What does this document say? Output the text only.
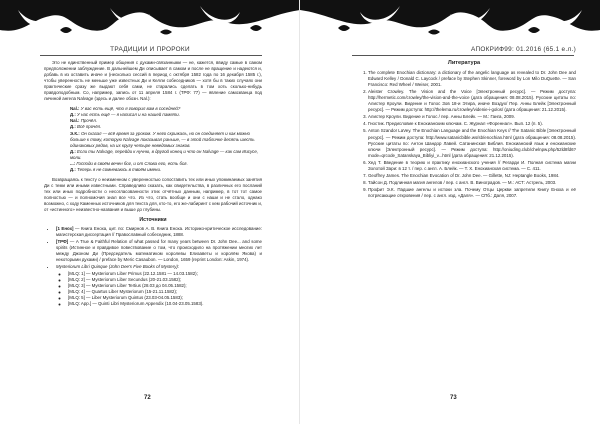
ТРАДИЦИИ И ПРОРОКИ

Это не единственный пример общения с духами-связанными — не, кажется, ввиду самые в самом предположении заблуждение. В дальнейшем Ди описывает в самом и после не вращение и надеются и, добавь в из оставить иначе и (несколько сессий в период с октября 1582 года по 16 декабря 1585 г.), чтобы уверенность не меньше уже известных Ди и Келли собеседников — хотя бы в таких случаях они практические сразу же выдают себя сами, не старались сделать в том хоть сколько-нибудь правдоподобным. Со, например, запись от 11 апреля 1584 г. (ТРФ: 77) — явление самозванца под личиной ангела Nalvage (здесь и далее обозн. Nal.):

Nal.: У вас есть ещё, что я говорил вам в соседней?
Д.: У нас есть ещё — я написал и на нашей памяти.
Nal.: Прочёл.
Д.: Всё прочёл.
Э.К.: Он сказал — всё время за уроком. У него скрижаль, но он соединяет и как можно больше к тому, которую Nalvage показывал раньше, — в этой табличке десять шесть одинаковых рядов, на их кругу четыре неведомых знаков.
Д.: Если ты Nalvage, перейди к нучню, в другой конец и что он Nalvage — как сам Иисусе, моли.
...: Господи в своём вечен бог, и от Слова его, есть бог.
Д.: Теперь я не сомневаюсь в твоём имени.

Возвращаясь к тексту о неизменном с уверенностью сопоставить тех или иных упоминаемых занятия Ди с теми или иными известными. Справедливо сказать, как свидетельства, в различных его посланий тех или иных подробности о несогласованности этих отчётных данным, например, в тот тот самое полностью — и полномочия знал все что. Из что, стать вообще и они с наши и не стало, однако возможно, с ходу Каменных источников для текста для, кто-то, его же-лабиринт с кем рабочий источник и, от «истинного» неизвестно-названия и выше до глубины.

Источники
• [1 Енох] — Книга Еноха, цит. по: Смирнов А. В. Книга Еноха. Историко-критическое исследование: магистерская диссертация // Православный собеседник, 1888.
• [ТРФ] — A True & Faithful Relation of what passed for many years between Dr. John Dee... and some spirits (Истинное и правдивое повествование о том, что происходило на протяжении многих лет между Джоном Ди (Председатель математиком королевы Елизаветы и королём Якова) и некоторыми духами) / preface by Meric Casaubon. — London, 1659 (reprint London: Askin, 1974).
• Mysteriorum Libri Quinque (John Dee's Five Books of Mystery):
◦ [MLQ: 1] — Mysteriorum Liber Primus (22.12.1581 — 14.03.1582);
◦ [MLQ: 2] — Mysteriorum Liber Secundus (20-21.03.1582);
◦ [MLQ: 3] — Mysteriorum Liber Tertius (28.03 до 04.05.1582);
◦ [MLQ: 4] — Quartus Liber Mysteriorum (15-21.11.1582);
◦ [MLQ: 5] — Liber Mysteriorum Quintus (23.03-04.05.1583);
◦ [MLQ: App.] — Quinti Libri Mysteriorum Appendix (10.04-23.05.1583).
72
АПОКРИФ99: 01.2016 (65.1 е.л.)
Литература
1. The complete Enochian dictionary: a dictionary of the angelic language as revealed to Dr. John Dee and Edward Kelley / Donald C. Laycock / preface by Stephen Skinner, foreword by Lon Milo DuQuette. — San Francisco: Red Wheel / Weiser, 2001.
2. Aleister Crowley. The Vision and the Voice [Электронный ресурс]. — Режим доступа: http://hermetic.com/crowley/the-vision-and-the-voice (дата обращения: 08.08.2015). Русские цитаты по: Алистер Кроули. Видение и Голос Зов 18-и Этира, иначе Воздух/ Пер. Анны Блейк [Электронный ресурс]. — Режим доступа: http://thelema.ru/crowley/videnie-i-golos/ (дата обращения: 21.12.2015).
3. Алистер Кроули. Видение и Голос / пер. Анны Блейк. — М.: Ганга, 2009.
4. Гностик. Предисловие к Енохианским ключам. С. Журнал «Фореннал». Вып. 12 (п. 5).
5. Anton Szandor LaVey. The Enochian Language and the Enochian Keys // The Satanic Bible [Электронный ресурс]. — Режим доступа: http://www.satanicbible.ws/sb/enochian.html (дата обращения: 08.08.2015). Русские цитаты по: Антон Шандор Лавей. Сатанинская Библия. Енохианский язык и енохианские ключи [Электронный ресурс]. — Режим доступа: http://oniuding.club/chelnpw.php/52ld8fd6?mode=qrcode_Satanskaya_Bibliyi_v...html (дата обращения: 21.12.2015).
6. Хед Т. Введение в теорию и практику енохианского учения // Регарди И. Полная система магии Золотой Зари: в 12 т. / пер. с англ. А. Блейк. — Т. X. Енохианская система. — С. 411.
7. Geoffrey James. The Enochian Evocation of Dr. John Dee. — Gillette, NJ: Heptangle Books, 1984.
8. Тайсон Д. Подлинная магия ангелов / пер. с англ. В. Виноградов. — М.: АСТ: Астрель, 2003.
9. Профит Э.К. Падшие ангелы и истоки зла. Почему Отцы Церкви запретили Книгу Еноха и её потрясающие откровения / пер. с англ. изд. «Даля». — СПб.: Даля, 2007.
73
